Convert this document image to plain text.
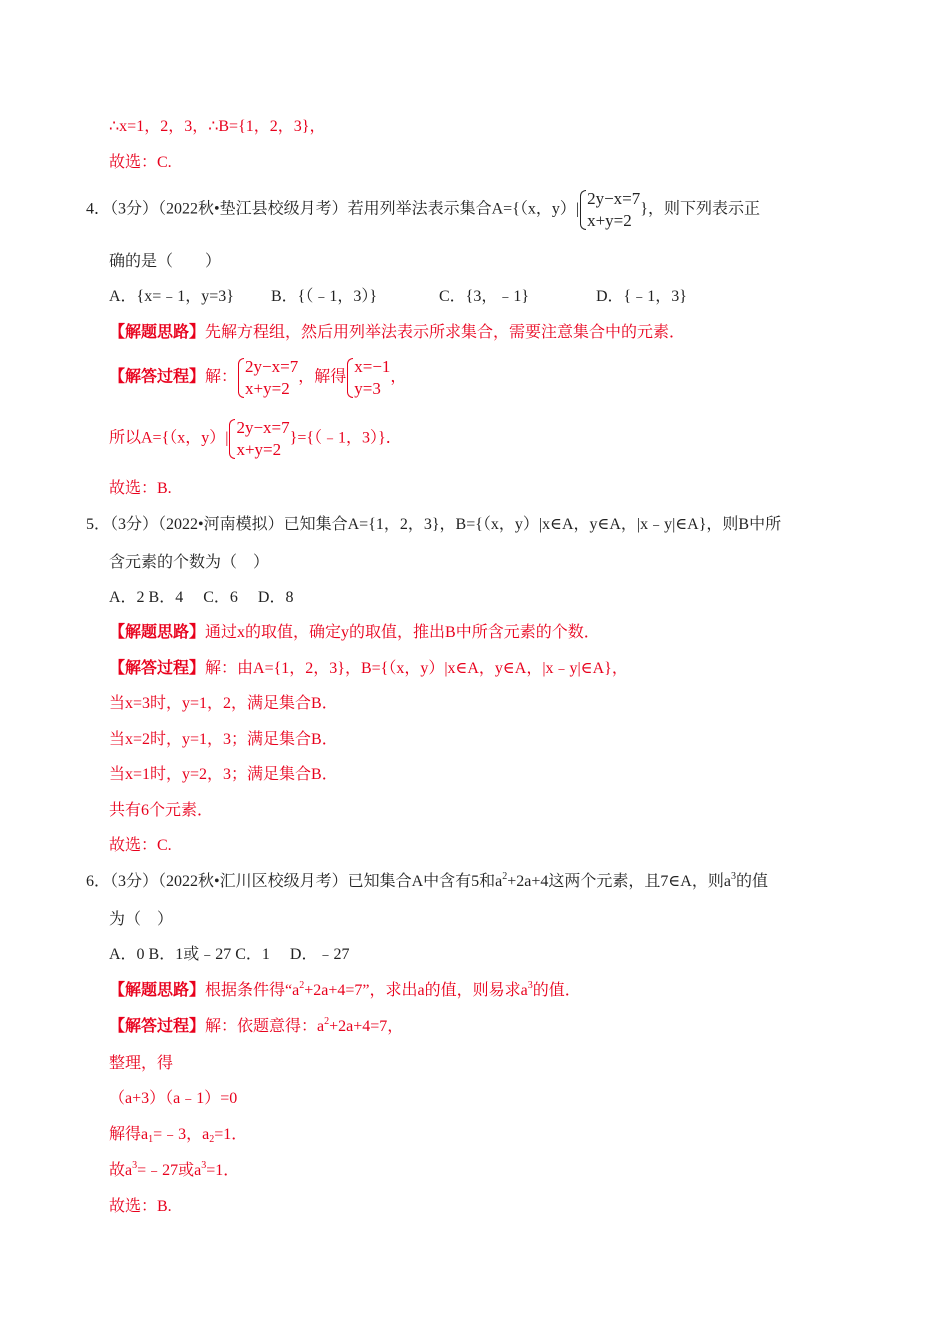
∴x=1，2，3，∴B={1，2，3}，
故选：C.
4．（3分）（2022秋•垫江县校级月考）若用列举法表示集合A={（x，y）|
2y−x=7
x+y=2
}，则下列表示正
确的是（　　）
A．{x=﹣1，y=3} B．{（﹣1，3）}	C．{3，﹣1}	D．{﹣1，3}
【解题思路】先解方程组，然后用列举法表示所求集合，需要注意集合中的元素．
【解答过程】解：
2y−x=7
x+y=2
，解得
x=−1
y=3
，
所以A={（x，y）|
2y−x=7
x+y=2
}={（﹣1，3）}．
故选：B.
5．（3分）（2022•河南模拟）已知集合A={1，2，3}，B={（x，y）|x∈A，y∈A，|x﹣y|∈A}，则B中所
含元素的个数为（　）
A．2 B．4　 C．6　 D．8
【解题思路】通过x的取值，确定y的取值，推出B中所含元素的个数．
【解答过程】解：由A={1，2，3}，B={（x，y）|x∈A，y∈A，|x﹣y|∈A}，
当x=3时，y=1，2，满足集合B．
当x=2时，y=1，3；满足集合B．
当x=1时，y=2，3；满足集合B．
共有6个元素．
故选：C.
6．（3分）（2022秋•汇川区校级月考）已知集合A中含有5和$a^2+2a+4$这两个元素，且7∈A，则$a^3$的值
为（　）
A．0 B．1或﹣27 C．1　 D．﹣27
【解题思路】根据条件得“$a^2+2a+4=7$”，求出a的值，则易求$a^3$的值．
【解答过程】解：依题意得：$a^2+2a+4=7$，
整理，得
（a+3）（a﹣1）=0
解得$a_1=﹣3$，$a_2=1$．
故$a^3=﹣27$或$a^3=1$．
故选：B.
